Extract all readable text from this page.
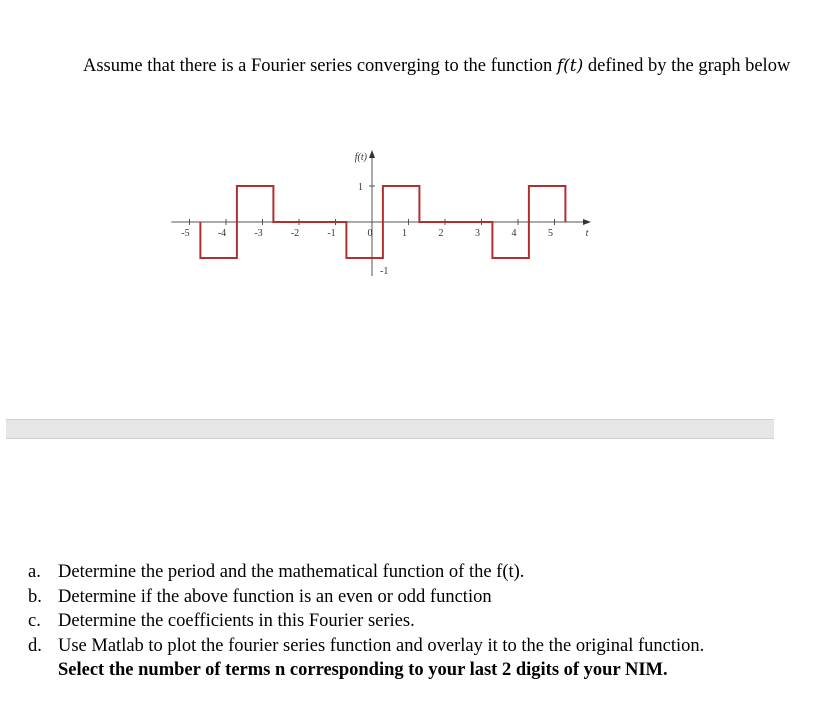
Assume that there is a Fourier series converging to the function f(t) defined by the graph below

-5	-4	-3	-2	-1	0	1	2	3	4	5
1
-1
f(t)
t
a. Determine the period and the mathematical function of the f(t).
b. Determine if the above function is an even or odd function
c. Determine the coefficients in this Fourier series.
d. Use Matlab to plot the fourier series function and overlay it to the the original function.
Select the number of terms n corresponding to your last 2 digits of your NIM.
